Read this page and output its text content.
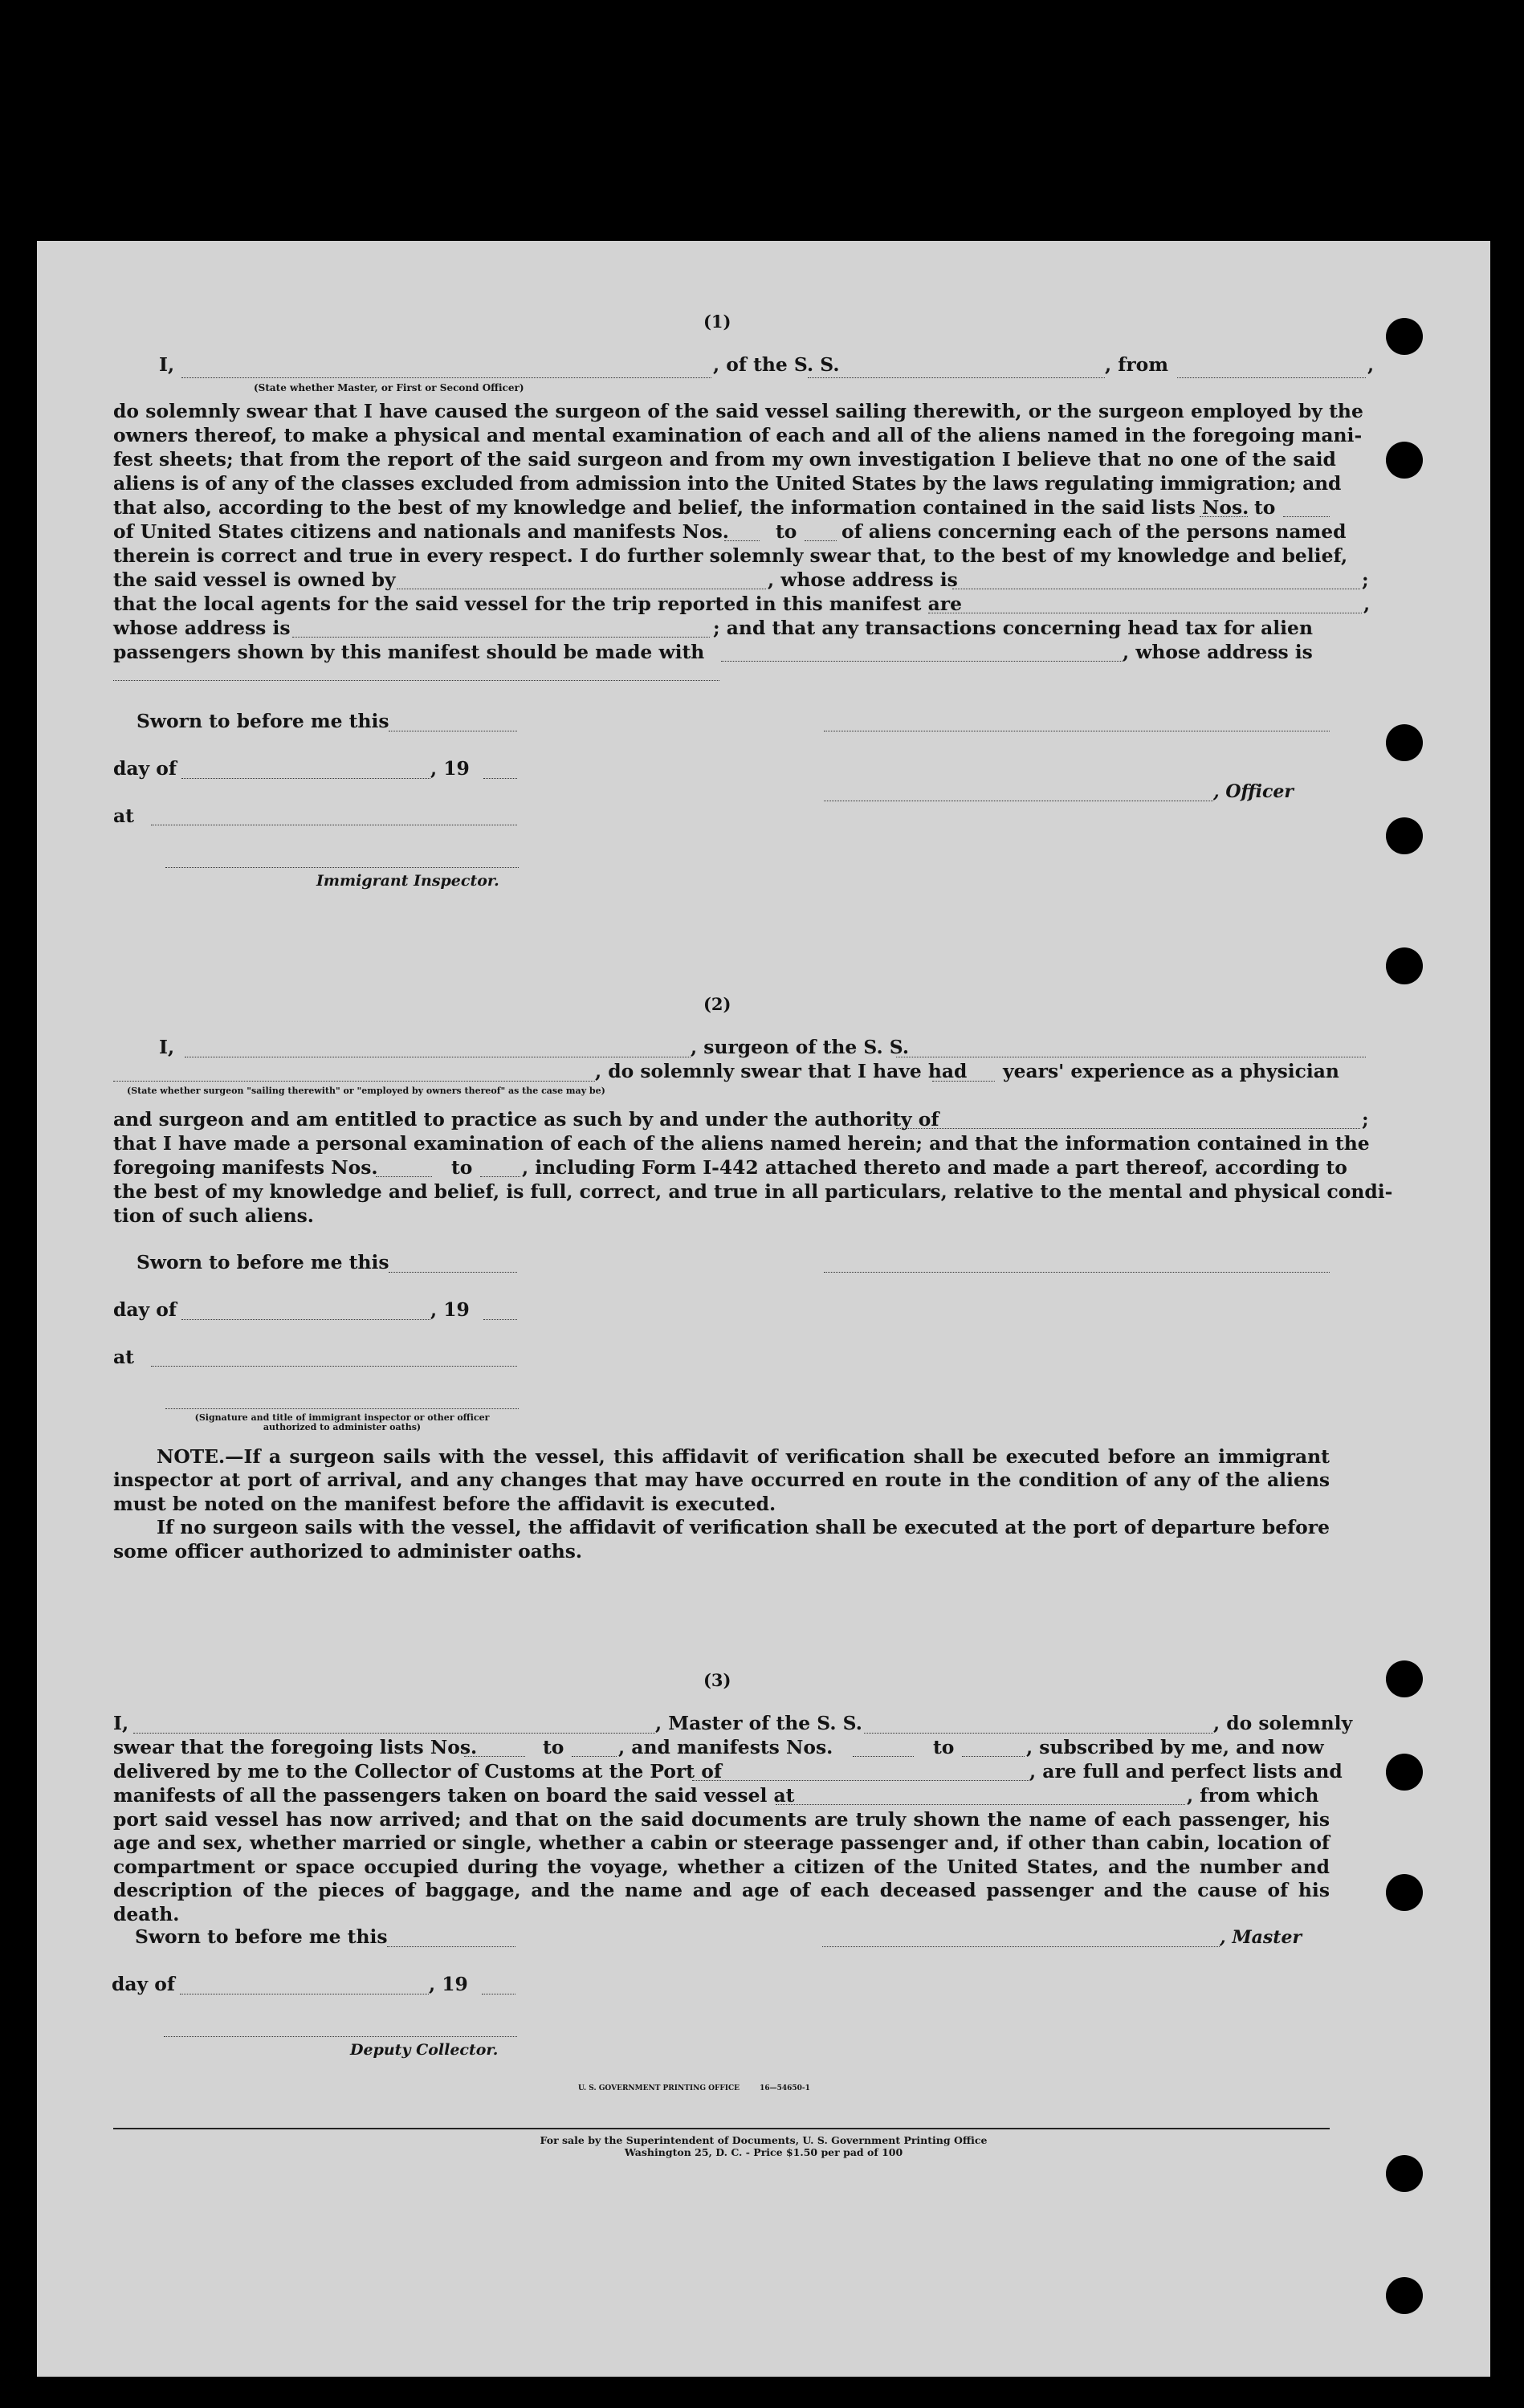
(1)
I,
(State whether Master, or First or Second Officer)
, of the S. S.	, from	,
do solemnly swear that I have caused the surgeon of the said vessel sailing therewith, or the surgeon employed by the
owners thereof, to make a physical and mental examination of each and all of the aliens named in the foregoing mani-
fest sheets; that from the report of the said surgeon and from my own investigation I believe that no one of the said
aliens is of any of the classes excluded from admission into the United States by the laws regulating immigration; and
that also, according to the best of my knowledge and belief, the information contained in the said lists Nos. to
of United States citizens and nationals and manifests Nos. to of aliens concerning each of the persons named
therein is correct and true in every respect. I do further solemnly swear that, to the best of my knowledge and belief,
the said vessel is owned by	, whose address is	;
that the local agents for the said vessel for the trip reported in this manifest are	,
whose address is	; and that any transactions concerning head tax for alien
passengers shown by this manifest should be made with	, whose address is
Sworn to before me this
day of	, 19
, Officer
at
Immigrant Inspector.
(2)
I,	, surgeon of the S. S.
, do solemnly swear that I have had years' experience as a physician
(State whether surgeon "sailing therewith" or "employed by owners thereof" as the case may be)
and surgeon and am entitled to practice as such by and under the authority of	;
that I have made a personal examination of each of the aliens named herein; and that the information contained in the
foregoing manifests Nos.	to	, including Form I-442 attached thereto and made a part thereof, according to
the best of my knowledge and belief, is full, correct, and true in all particulars, relative to the mental and physical condi-
tion of such aliens.
Sworn to before me this
day of	, 19
at
(Signature and title of immigrant inspector or other officer authorized to administer oaths)

NOTE.—If a surgeon sails with the vessel, this affidavit of verification shall be executed before an immigrant inspector at port of arrival, and any changes that may have occurred en route in the condition of any of the aliens must be noted on the manifest before the affidavit is executed.

If no surgeon sails with the vessel, the affidavit of verification shall be executed at the port of departure before some officer authorized to administer oaths.

(3)
I,	, Master of the S. S.	, do solemnly
swear that the foregoing lists Nos.	to	, and manifests Nos.	to	, subscribed by me, and now
delivered by me to the Collector of Customs at the Port of	, are full and perfect lists and
manifests of all the passengers taken on board the said vessel at	, from which

port said vessel has now arrived; and that on the said documents are truly shown the name of each passenger, his age and sex, whether married or single, whether a cabin or steerage passenger and, if other than cabin, location of compartment or space occupied during the voyage, whether a citizen of the United States, and the number and description of the pieces of baggage, and the name and age of each deceased passenger and the cause of his death.

Sworn to before me this	, Master
day of	, 19
Deputy Collector.
U. S. GOVERNMENT PRINTING OFFICE        16—54650-1
For sale by the Superintendent of Documents, U. S. Government Printing Office
Washington 25, D. C. - Price $1.50 per pad of 100
